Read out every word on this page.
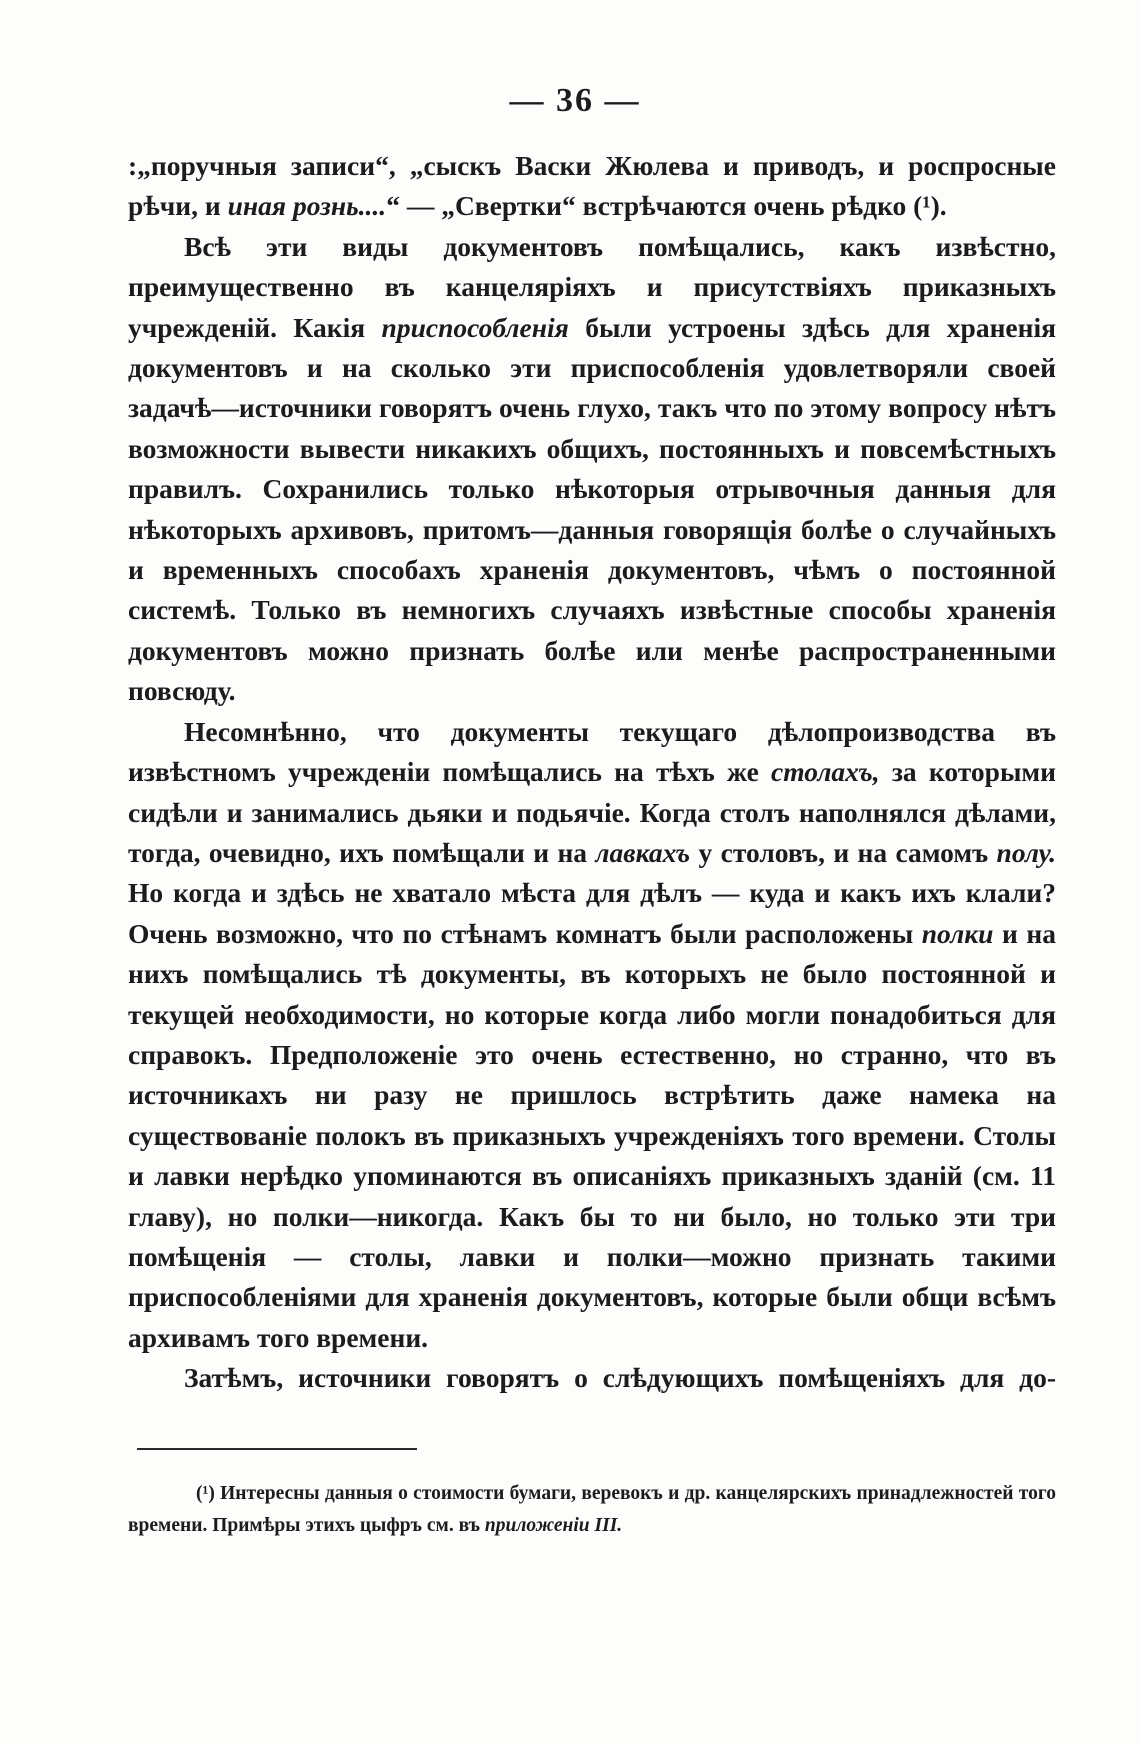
— 36 —

:„поручныя записи“, „сыскъ Васки Жюлева и приводъ, и роспросные рѣчи, и иная рознь....“ — „Свертки“ встрѣчаются очень рѣдко (¹).

Всѣ эти виды документовъ помѣщались, какъ извѣстно, преимущественно въ канцеляріяхъ и присутствіяхъ приказныхъ учрежденій. Какія приспособленія были устроены здѣсь для храненія документовъ и на сколько эти приспособленія удовлетворяли своей задачѣ—источники говорятъ очень глухо, такъ что по этому вопросу нѣтъ возможности вывести никакихъ общихъ, постоянныхъ и повсемѣстныхъ правилъ. Сохранились только нѣкоторыя отрывочныя данныя для нѣкоторыхъ архивовъ, притомъ—данныя говорящія болѣе о случайныхъ и временныхъ способахъ храненія документовъ, чѣмъ о постоянной системѣ. Только въ немногихъ случаяхъ извѣстные способы храненія документовъ можно признать болѣе или менѣе распространенными повсюду.

Несомнѣнно, что документы текущаго дѣлопроизводства въ извѣстномъ учрежденіи помѣщались на тѣхъ же столахъ, за которыми сидѣли и занимались дьяки и подьячіе. Когда столъ наполнялся дѣлами, тогда, очевидно, ихъ помѣщали и на лавкахъ у столовъ, и на самомъ полу. Но когда и здѣсь не хватало мѣста для дѣлъ — куда и какъ ихъ клали? Очень возможно, что по стѣнамъ комнатъ были расположены полки и на нихъ помѣщались тѣ документы, въ которыхъ не было постоянной и текущей необходимости, но которые когда либо могли понадобиться для справокъ. Предположеніе это очень естественно, но странно, что въ источникахъ ни разу не пришлось встрѣтить даже намека на существованіе полокъ въ приказныхъ учрежденіяхъ того времени. Столы и лавки нерѣдко упоминаются въ описаніяхъ приказныхъ зданій (см. 11 главу), но полки—никогда. Какъ бы то ни было, но только эти три помѣщенія — столы, лавки и полки—можно признать такими приспособленіями для храненія документовъ, которые были общи всѣмъ архивамъ того времени.

Затѣмъ, источники говорятъ о слѣдующихъ помѣщеніяхъ для до-

(¹) Интересны данныя о стоимости бумаги, веревокъ и др. канцелярскихъ принадлежностей того времени. Примѣры этихъ цыфръ см. въ приложеніи III.
